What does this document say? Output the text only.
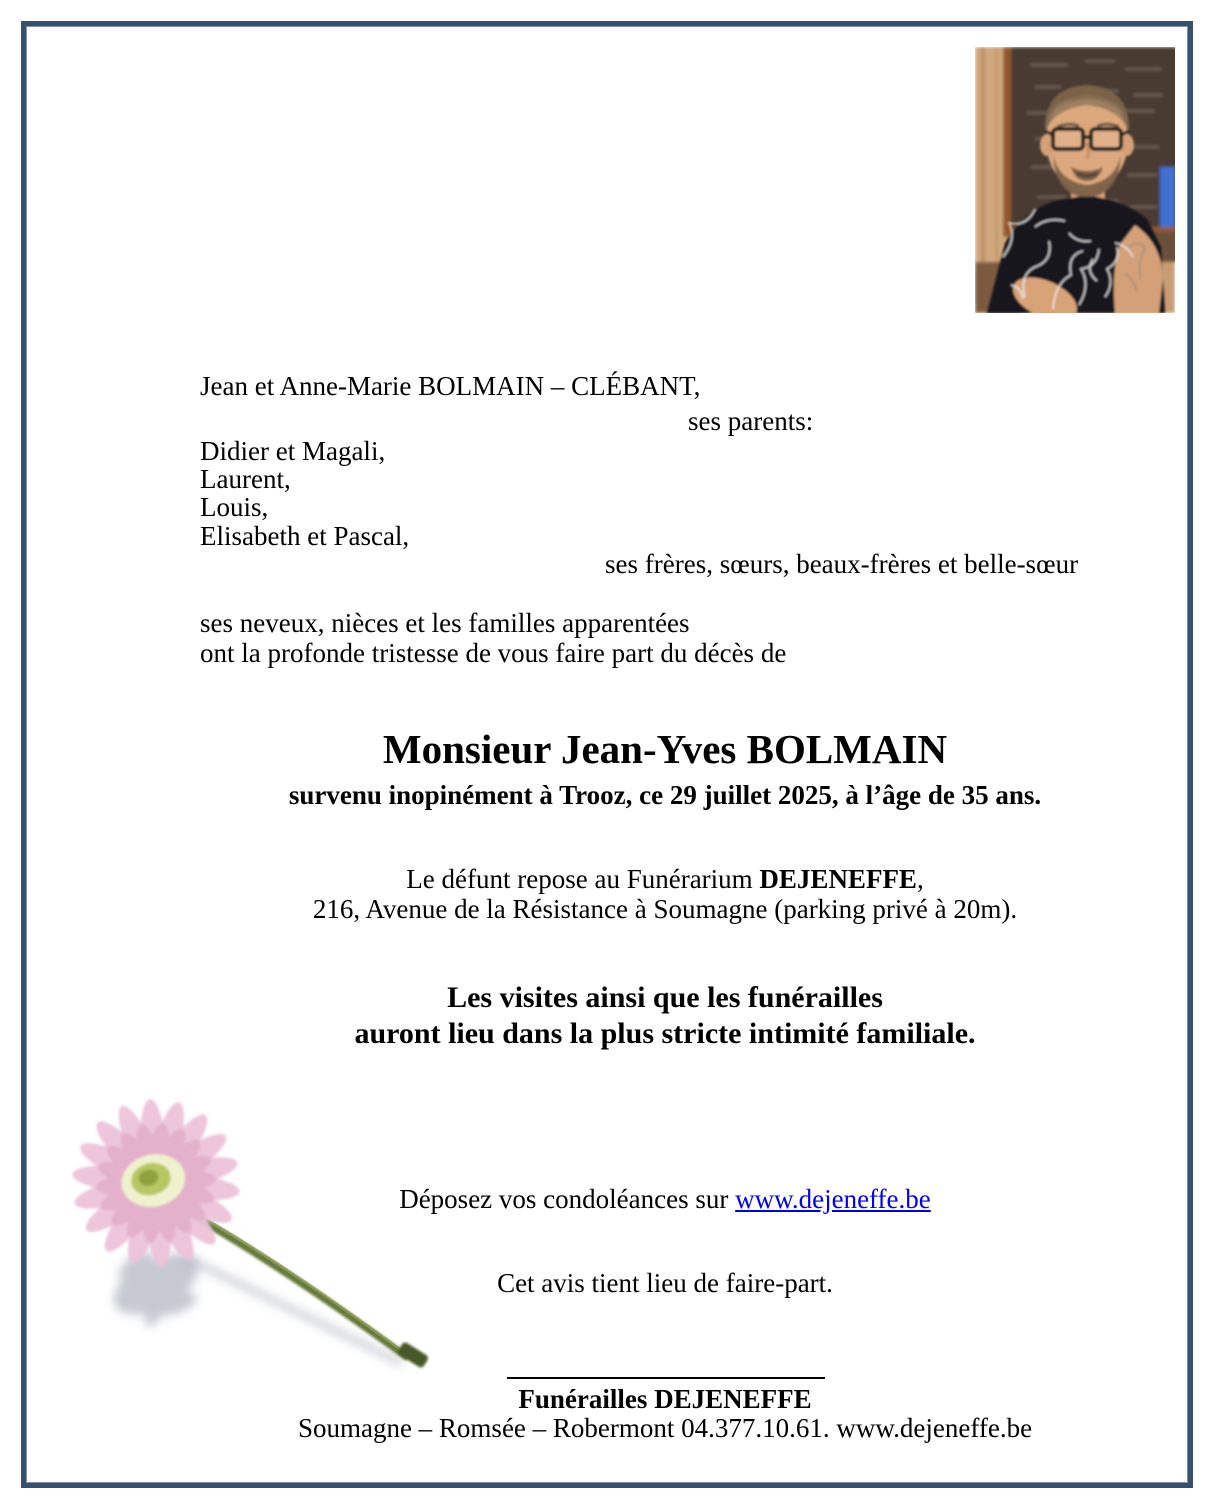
Jean et Anne-Marie BOLMAIN – CLÉBANT,
ses parents:
Didier et Magali,
Laurent,
Louis,
Elisabeth et Pascal,
ses frères, sœurs, beaux-frères et belle-sœur
ses neveux, nièces et les familles apparentées
ont la profonde tristesse de vous faire part du décès de
Monsieur Jean-Yves BOLMAIN
survenu inopinément à Trooz, ce 29 juillet 2025, à l’âge de 35 ans.
Le défunt repose au Funérarium DEJENEFFE,
216, Avenue de la Résistance à Soumagne (parking privé à 20m).
Les visites ainsi que les funérailles
auront lieu dans la plus stricte intimité familiale.
Déposez vos condoléances sur www.dejeneffe.be
Cet avis tient lieu de faire-part.
Funérailles DEJENEFFE
Soumagne – Romsée – Robermont 04.377.10.61. www.dejeneffe.be
